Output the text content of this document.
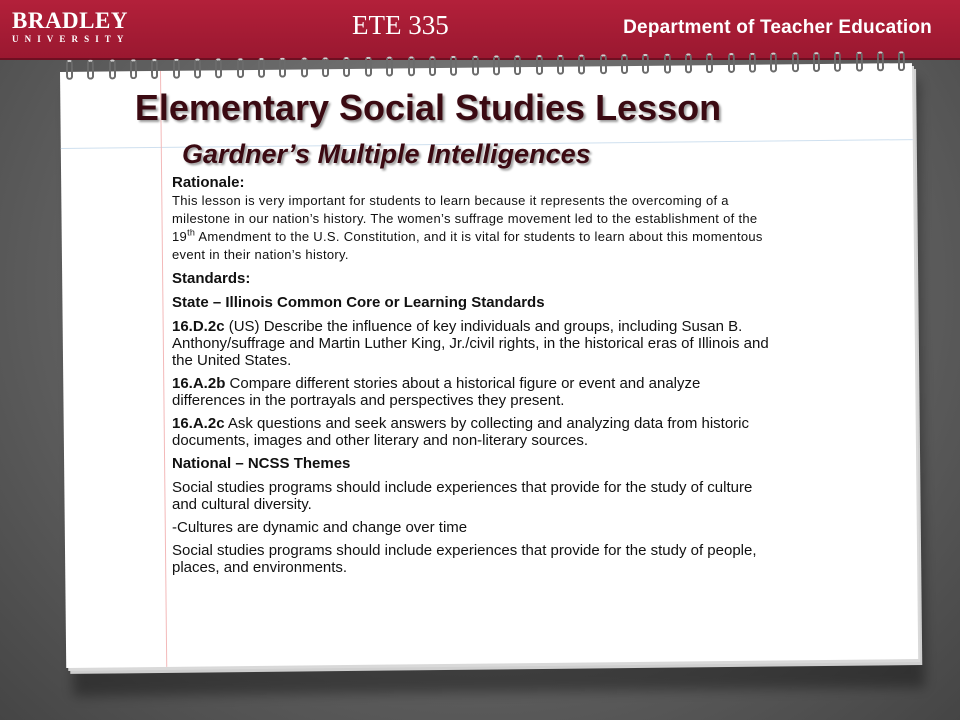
BRADLEY
UNIVERSITY	ETE 335	Department of Teacher Education
Elementary Social Studies Lesson
Gardner’s Multiple Intelligences

Rationale:

This lesson is very important for students to learn because it represents the overcoming of a milestone in our nation’s history. The women’s suffrage movement led to the establishment of the 19th Amendment to the U.S. Constitution, and it is vital for students to learn about this momentous event in their nation’s history.

Standards:

State – Illinois Common Core or Learning Standards

16.D.2c (US) Describe the influence of key individuals and groups, including Susan B. Anthony/suffrage and Martin Luther King, Jr./civil rights, in the historical eras of Illinois and the United States.

16.A.2b Compare different stories about a historical figure or event and analyze differences in the portrayals and perspectives they present.

16.A.2c Ask questions and seek answers by collecting and analyzing data from historic documents, images and other literary and non-literary sources.

National – NCSS Themes

Social studies programs should include experiences that provide for the study of culture and cultural diversity.

-Cultures are dynamic and change over time

Social studies programs should include experiences that provide for the study of people, places, and environments.
